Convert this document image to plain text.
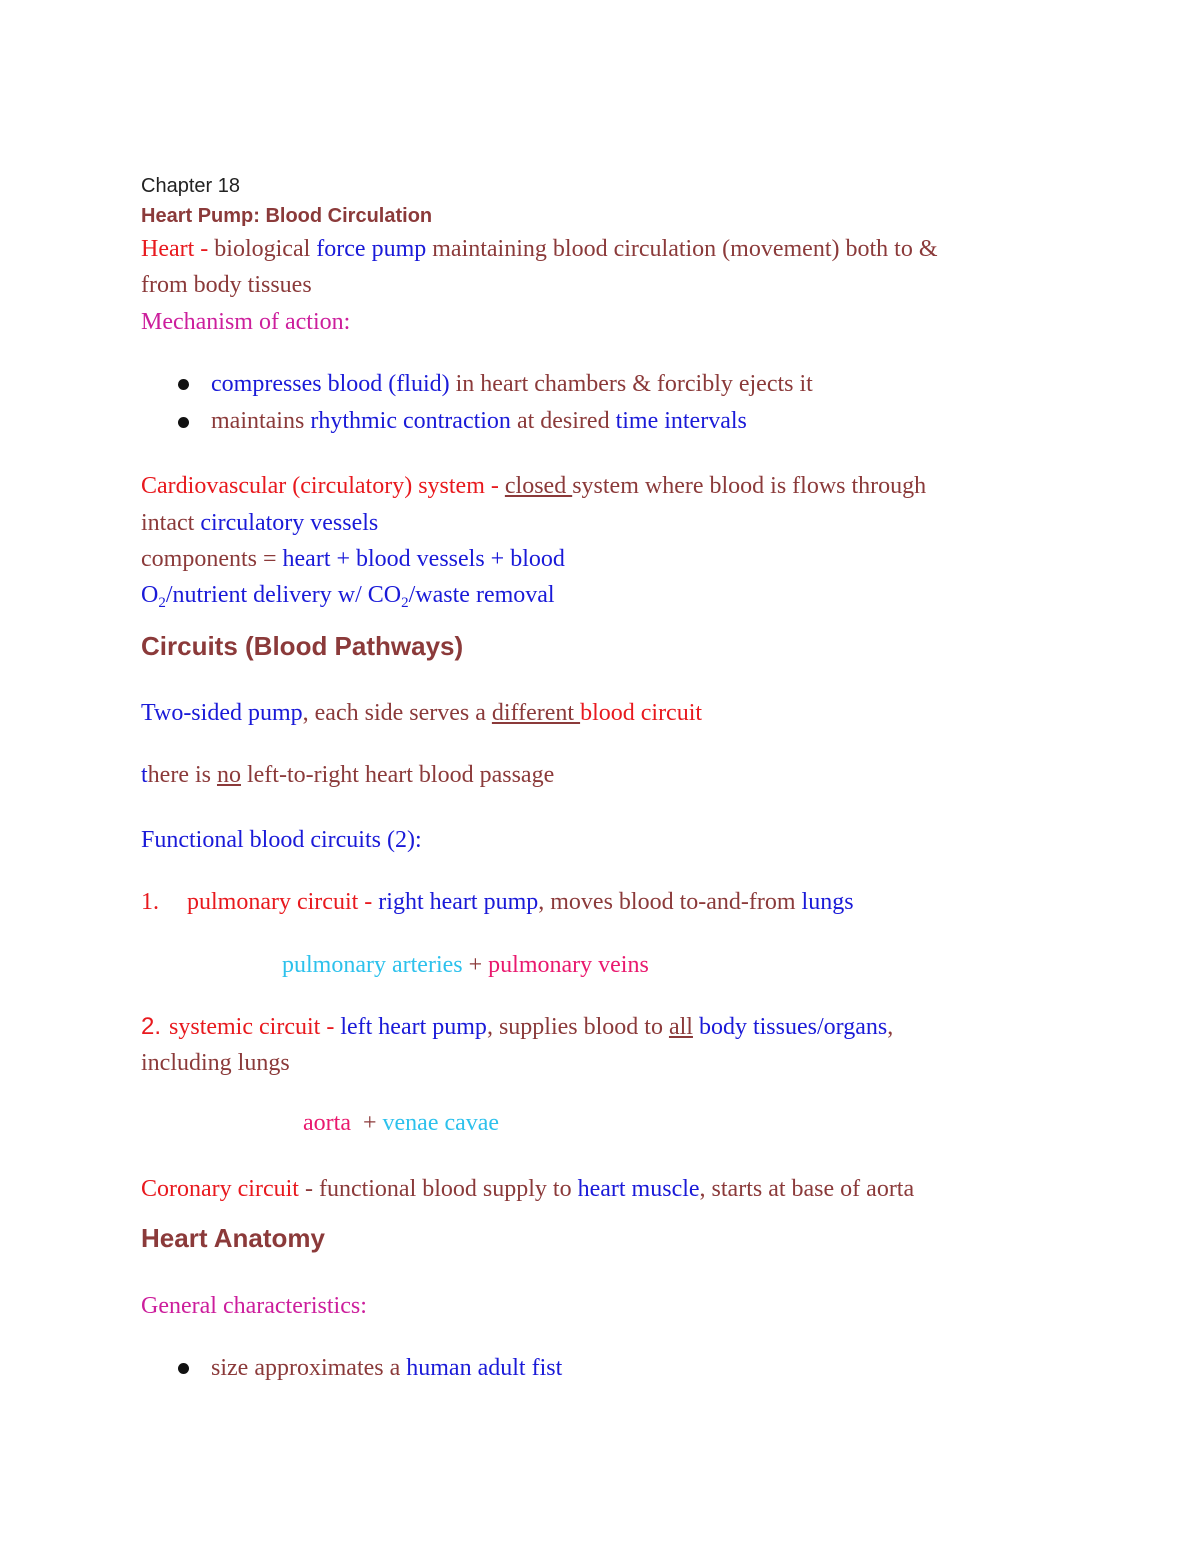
Chapter 18
Heart Pump: Blood Circulation
Heart - biological force pump maintaining blood circulation (movement) both to &
from body tissues
Mechanism of action:
compresses blood (fluid) in heart chambers & forcibly ejects it
maintains rhythmic contraction at desired time intervals
Cardiovascular (circulatory) system - closed system where blood is flows through
intact circulatory vessels
components = heart + blood vessels + blood
$O_2$/nutrient delivery w/ $CO_2$/waste removal
Circuits (Blood Pathways)
Two-sided pump, each side serves a different blood circuit
there is no left-to-right heart blood passage
Functional blood circuits (2):
1. pulmonary circuit - right heart pump, moves blood to-and-from lungs
pulmonary arteries + pulmonary veins
2. systemic circuit - left heart pump, supplies blood to all body tissues/organs,
including lungs
aorta  + venae cavae
Coronary circuit - functional blood supply to heart muscle, starts at base of aorta
Heart Anatomy
General characteristics:
size approximates a human adult fist
